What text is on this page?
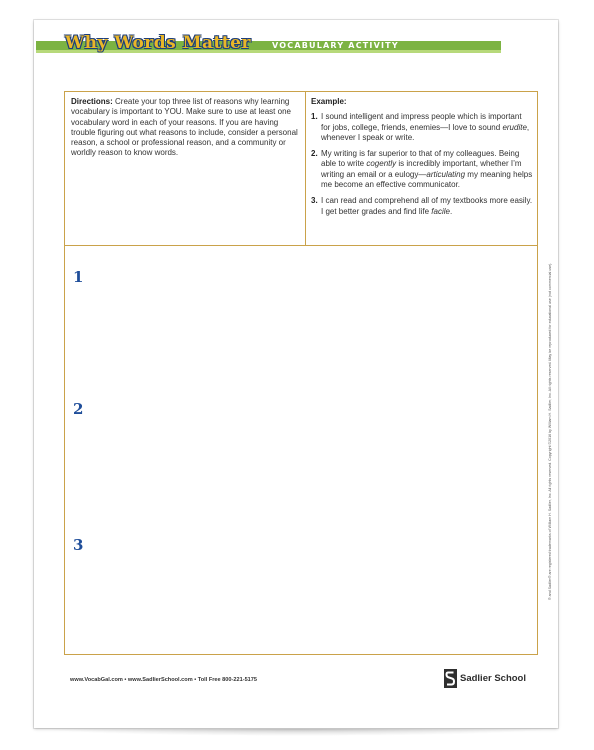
Why Words Matter	VOCABULARY ACTIVITY
Directions: Create your top three list of reasons why learning vocabulary is important to YOU. Make sure to use at least one vocabulary word in each of your reasons. If you are having trouble figuring out what reasons to include, consider a personal reason, a school or professional reason, and a community or worldly reason to know words.
Example:
1. I sound intelligent and impress people which is important for jobs, college, friends, enemies—I love to sound erudite, whenever I speak or write.
2. My writing is far superior to that of my colleagues. Being able to write cogently is incredibly important, whether I’m writing an email or a eulogy—articulating my meaning helps me become an effective communicator.
3. I can read and comprehend all of my textbooks more easily. I get better grades and find life facile.
1
2
3	® and Sadlier® are registered trademarks of William H. Sadlier, Inc. All rights reserved. Copyright ©2016 by William H. Sadlier, Inc. All rights reserved. May be reproduced for educational use (not commercial use).
www.VocabGal.com • www.SadlierSchool.com • Toll Free 800-221-5175	Sadlier School
